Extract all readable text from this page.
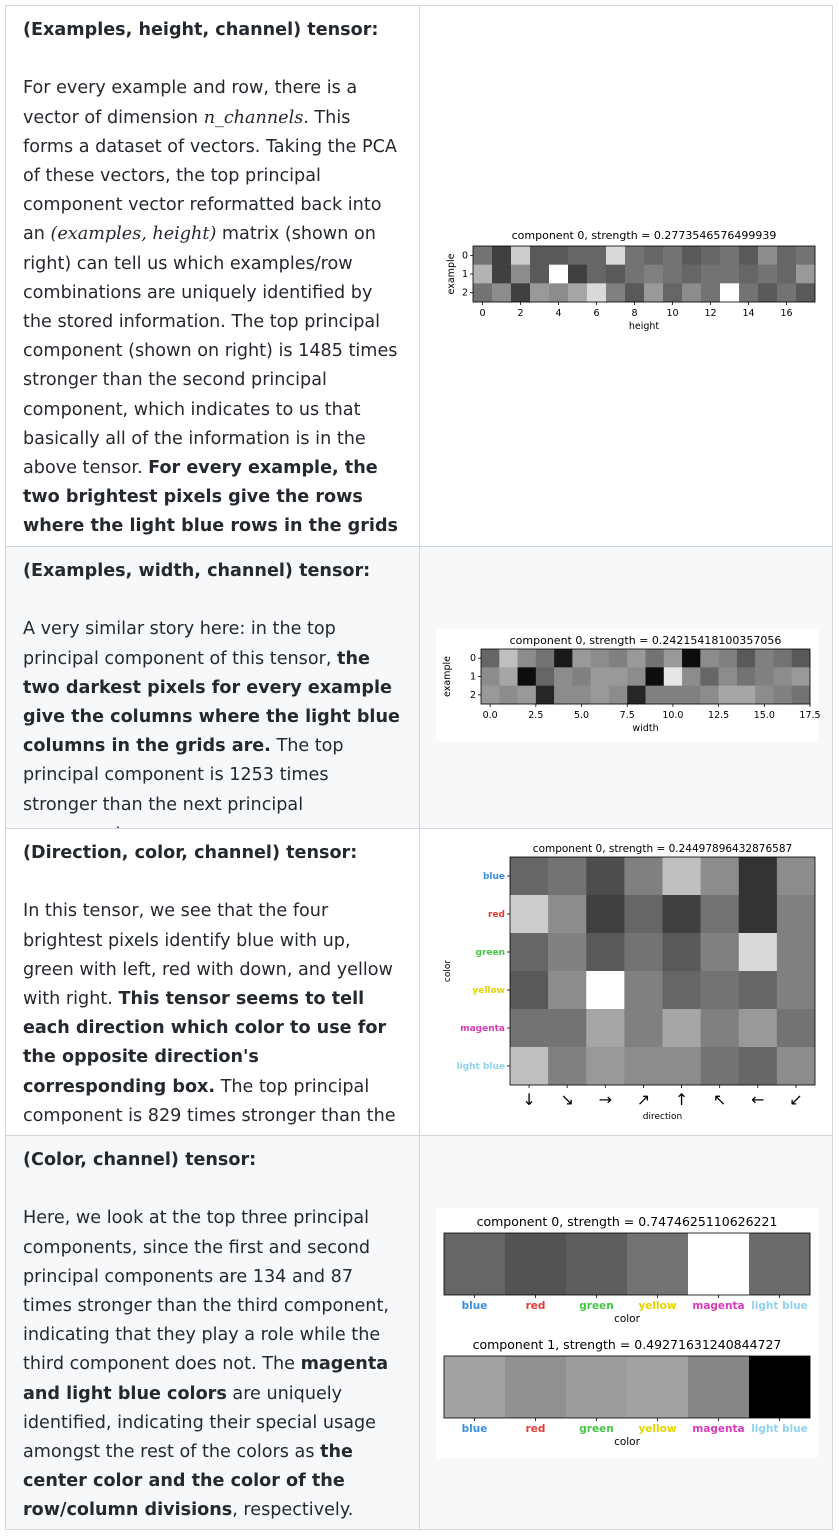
(Examples, height, channel) tensor:

For every example and row, there is a vector of dimension n_channels. This forms a dataset of vectors. Taking the PCA of these vectors, the top principal component vector reformatted back into an (examples, height) matrix (shown on right) can tell us which examples/row combinations are uniquely identified by the stored information. The top principal component (shown on right) is 1485 times stronger than the second principal component, which indicates to us that basically all of the information is in the above tensor. For every example, the two brightest pixels give the rows where the light blue rows in the grids

component 0, strength = 0.2773546576499939
0	2	4	6	8	10	12	14	16
0
1
2
height
example

(Examples, width, channel) tensor:

A very similar story here: in the top principal component of this tensor, the two darkest pixels for every example give the columns where the light blue columns in the grids are. The top principal component is 1253 times stronger than the next principal

component 0, strength = 0.24215418100357056
0.0	2.5	5.0	7.5	10.0	12.5	15.0	17.5
0
1
2
width
example

(Direction, color, channel) tensor:

In this tensor, we see that the four brightest pixels identify blue with up, green with left, red with down, and yellow with right. This tensor seems to tell each direction which color to use for the opposite direction's corresponding box. The top principal component is 829 times stronger than the

component 0, strength = 0.24497896432876587
↓ ↘ → ↗ ↑ ↖ ← ↙
blue
red
green
yellow
magenta
light blue
direction
color

(Color, channel) tensor:

Here, we look at the top three principal components, since the first and second principal components are 134 and 87 times stronger than the third component, indicating that they play a role while the third component does not. The magenta and light blue colors are uniquely identified, indicating their special usage amongst the rest of the colors as the center color and the color of the row/column divisions, respectively.

component 0, strength = 0.7474625110626221
blue	red	green yellow magenta light blue
color
component 1, strength = 0.49271631240844727
blue	red	green yellow magenta light blue
color
